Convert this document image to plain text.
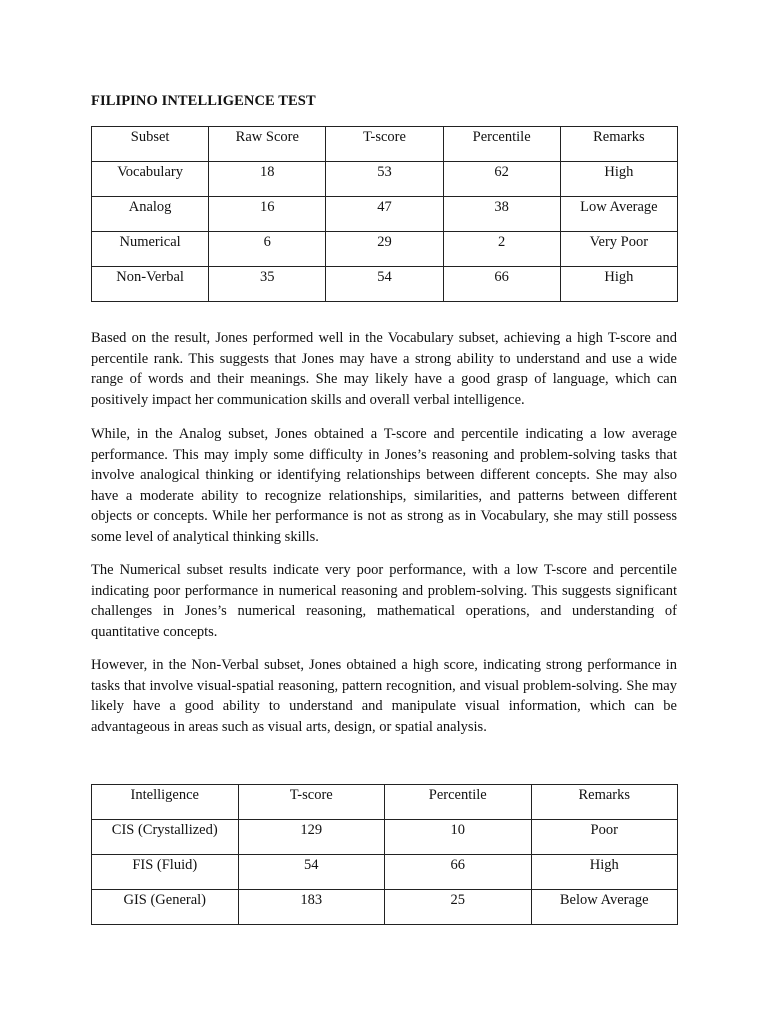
FILIPINO INTELLIGENCE TEST
Subset	Raw Score	T-score	Percentile	Remarks
Vocabulary	18	53	62	High
Analog	16	47	38	Low Average
Numerical	6	29	2	Very Poor
Non-Verbal	35	54	66	High

Based on the result, Jones performed well in the Vocabulary subset, achieving a high T-score and percentile rank. This suggests that Jones may have a strong ability to understand and use a wide range of words and their meanings. She may likely have a good grasp of language, which can positively impact her communication skills and overall verbal intelligence.

While, in the Analog subset, Jones obtained a T-score and percentile indicating a low average performance. This may imply some difficulty in Jones’s reasoning and problem-solving tasks that involve analogical thinking or identifying relationships between different concepts. She may also have a moderate ability to recognize relationships, similarities, and patterns between different objects or concepts. While her performance is not as strong as in Vocabulary, she may still possess some level of analytical thinking skills.

The Numerical subset results indicate very poor performance, with a low T-score and percentile indicating poor performance in numerical reasoning and problem-solving. This suggests significant challenges in Jones’s numerical reasoning, mathematical operations, and understanding of quantitative concepts.

However, in the Non-Verbal subset, Jones obtained a high score, indicating strong performance in tasks that involve visual-spatial reasoning, pattern recognition, and visual problem-solving. She may likely have a good ability to understand and manipulate visual information, which can be advantageous in areas such as visual arts, design, or spatial analysis.

Intelligence	T-score	Percentile	Remarks
CIS (Crystallized)	129	10	Poor
FIS (Fluid)	54	66	High
GIS (General)	183	25	Below Average
